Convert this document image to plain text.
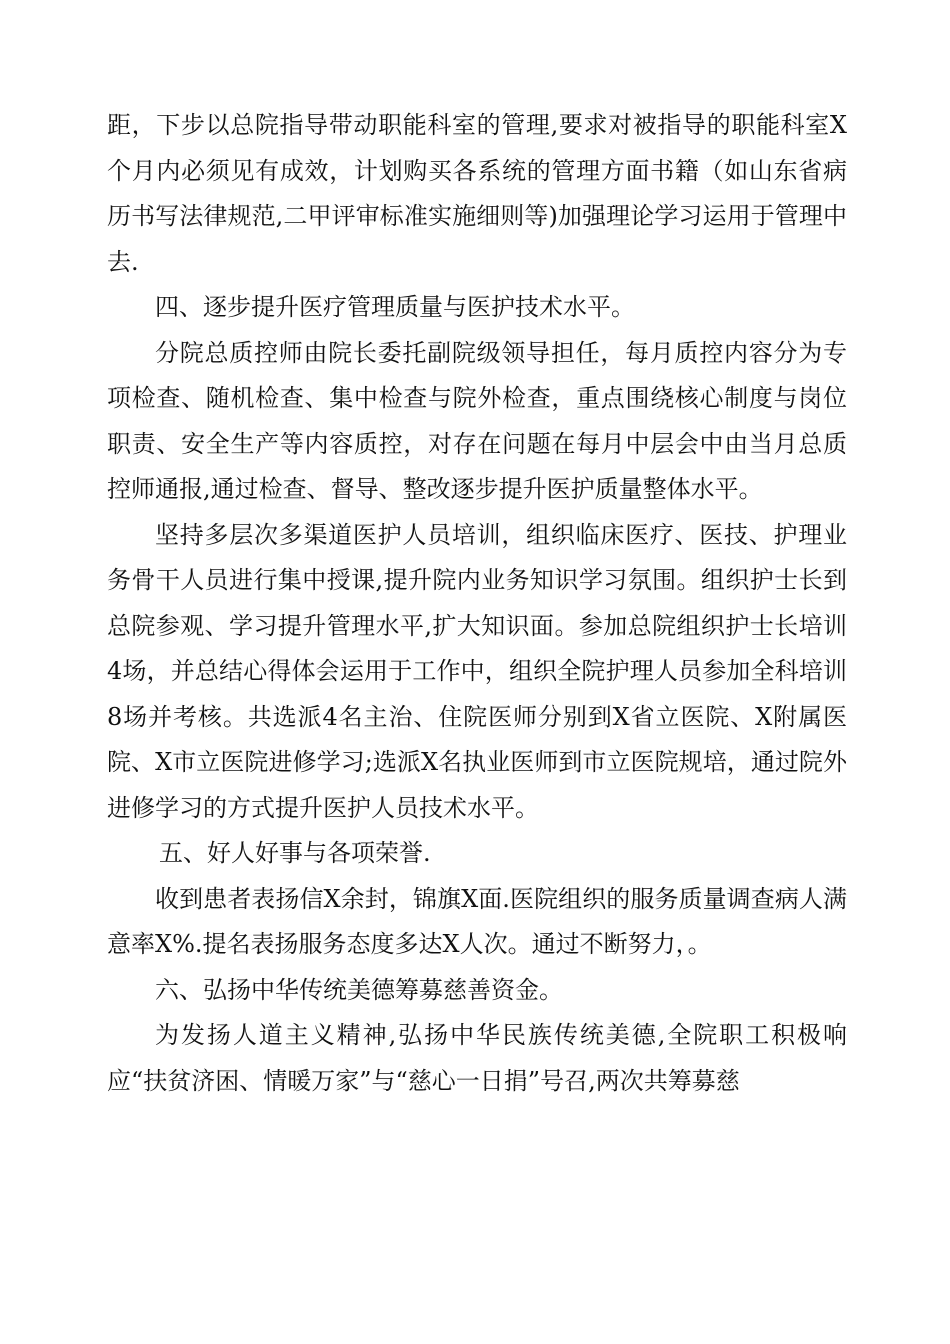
距，下步以总院指导带动职能科室的管理,要求对被指导的职能科室X个月内必须见有成效，计划购买各系统的管理方面书籍（如山东省病历书写法律规范,二甲评审标准实施细则等)加强理论学习运用于管理中去.

四、逐步提升医疗管理质量与医护技术水平。

分院总质控师由院长委托副院级领导担任，每月质控内容分为专项检查、随机检查、集中检查与院外检查，重点围绕核心制度与岗位职责、安全生产等内容质控，对存在问题在每月中层会中由当月总质控师通报,通过检查、督导、整改逐步提升医护质量整体水平。

坚持多层次多渠道医护人员培训，组织临床医疗、医技、护理业务骨干人员进行集中授课,提升院内业务知识学习氛围。组织护士长到总院参观、学习提升管理水平,扩大知识面。参加总院组织护士长培训4场，并总结心得体会运用于工作中，组织全院护理人员参加全科培训8场并考核。共选派4名主治、住院医师分别到X省立医院、X附属医院、X市立医院进修学习;选派X名执业医师到市立医院规培，通过院外进修学习的方式提升医护人员技术水平。

五、好人好事与各项荣誉.

收到患者表扬信X余封，锦旗X面.医院组织的服务质量调查病人满意率X%.提名表扬服务态度多达X人次。通过不断努力，。

六、弘扬中华传统美德筹募慈善资金。

为发扬人道主义精神,弘扬中华民族传统美德,全院职工积极响应“扶贫济困、情暖万家”与“慈心一日捐”号召,两次共筹募慈
